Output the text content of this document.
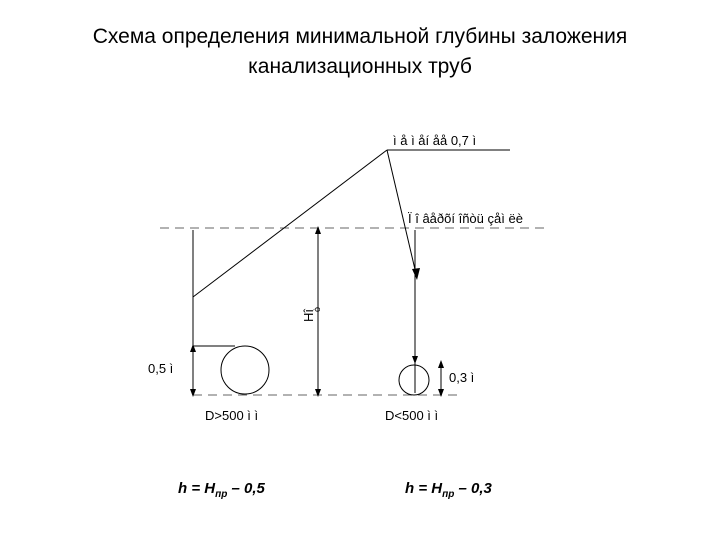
Схема определения минимальной глубины заложения
канализационных труб
ì å ì åí åå 0,7 ì
Ï î âåðõí îñòü çåì ëè
Hî
ò
0,5 ì
0,3 ì
D>500 ì ì	D<500 ì ì
$h = H_{пр} - 0,5$	$h = H_{пр} - 0,3$
